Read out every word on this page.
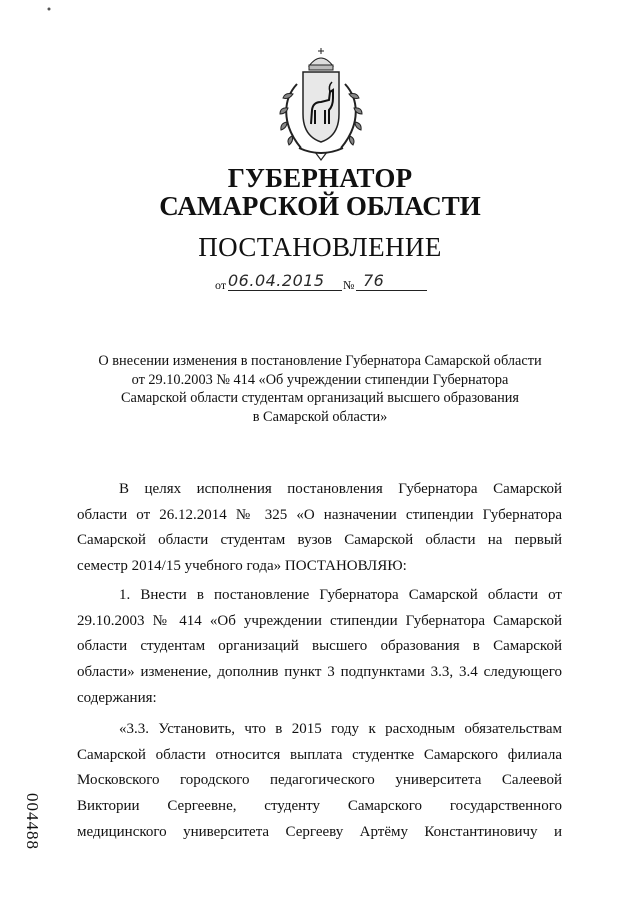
ГУБЕРНАТОР
САМАРСКОЙ ОБЛАСТИ
ПОСТАНОВЛЕНИЕ
от 06.04.2015 № 76
О внесении изменения в постановление Губернатора Самарской области
от 29.10.2003 № 414 «Об учреждении стипендии Губернатора
Самарской области студентам организаций высшего образования
в Самарской области»
В целях исполнения постановления Губернатора Самарской
области от 26.12.2014 № 325 «О назначении стипендии Губернатора
Самарской области студентам вузов Самарской области на первый
семестр 2014/15 учебного года» ПОСТАНОВЛЯЮ:
1. Внести в постановление Губернатора Самарской области от
29.10.2003 № 414 «Об учреждении стипендии Губернатора Самарской
области студентам организаций высшего образования в Самарской
области» изменение, дополнив пункт 3 подпунктами 3.3, 3.4 следующего
содержания:
«3.3. Установить, что в 2015 году к расходным обязательствам
Самарской области относится выплата студентке Самарского филиала
Московского городского педагогического университета Салеевой
Виктории Сергеевне, студенту Самарского государственного
медицинского университета Сергееву Артёму Константиновичу и
004488
